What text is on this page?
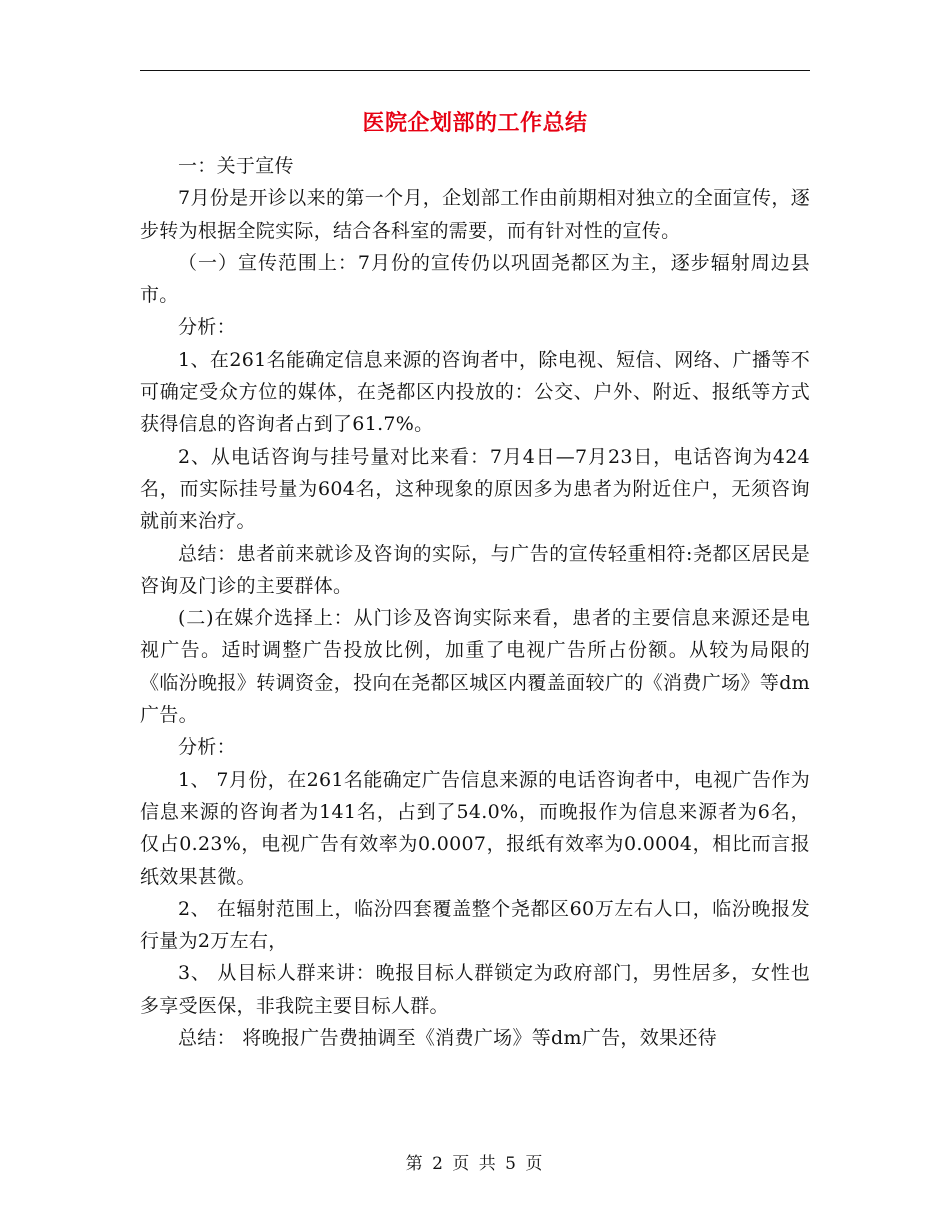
医院企划部的工作总结

一：关于宣传

7月份是开诊以来的第一个月，企划部工作由前期相对独立的全面宣传，逐步转为根据全院实际，结合各科室的需要，而有针对性的宣传。

（一）宣传范围上：7月份的宣传仍以巩固尧都区为主，逐步辐射周边县市。

分析：

1、在261名能确定信息来源的咨询者中，除电视、短信、网络、广播等不可确定受众方位的媒体，在尧都区内投放的：公交、户外、附近、报纸等方式获得信息的咨询者占到了61.7%。

2、从电话咨询与挂号量对比来看：7月4日—7月23日，电话咨询为424名，而实际挂号量为604名，这种现象的原因多为患者为附近住户，无须咨询就前来治疗。

总结：患者前来就诊及咨询的实际，与广告的宣传轻重相符:尧都区居民是咨询及门诊的主要群体。

(二)在媒介选择上：从门诊及咨询实际来看，患者的主要信息来源还是电视广告。适时调整广告投放比例，加重了电视广告所占份额。从较为局限的《临汾晚报》转调资金，投向在尧都区城区内覆盖面较广的《消费广场》等dm广告。

分析：

1、 7月份，在261名能确定广告信息来源的电话咨询者中，电视广告作为信息来源的咨询者为141名，占到了54.0%，而晚报作为信息来源者为6名，仅占0.23%，电视广告有效率为0.0007，报纸有效率为0.0004，相比而言报纸效果甚微。

2、 在辐射范围上，临汾四套覆盖整个尧都区60万左右人口，临汾晚报发行量为2万左右，

3、 从目标人群来讲：晚报目标人群锁定为政府部门，男性居多，女性也多享受医保，非我院主要目标人群。

总结： 将晚报广告费抽调至《消费广场》等dm广告，效果还待

第 2 页 共 5 页
